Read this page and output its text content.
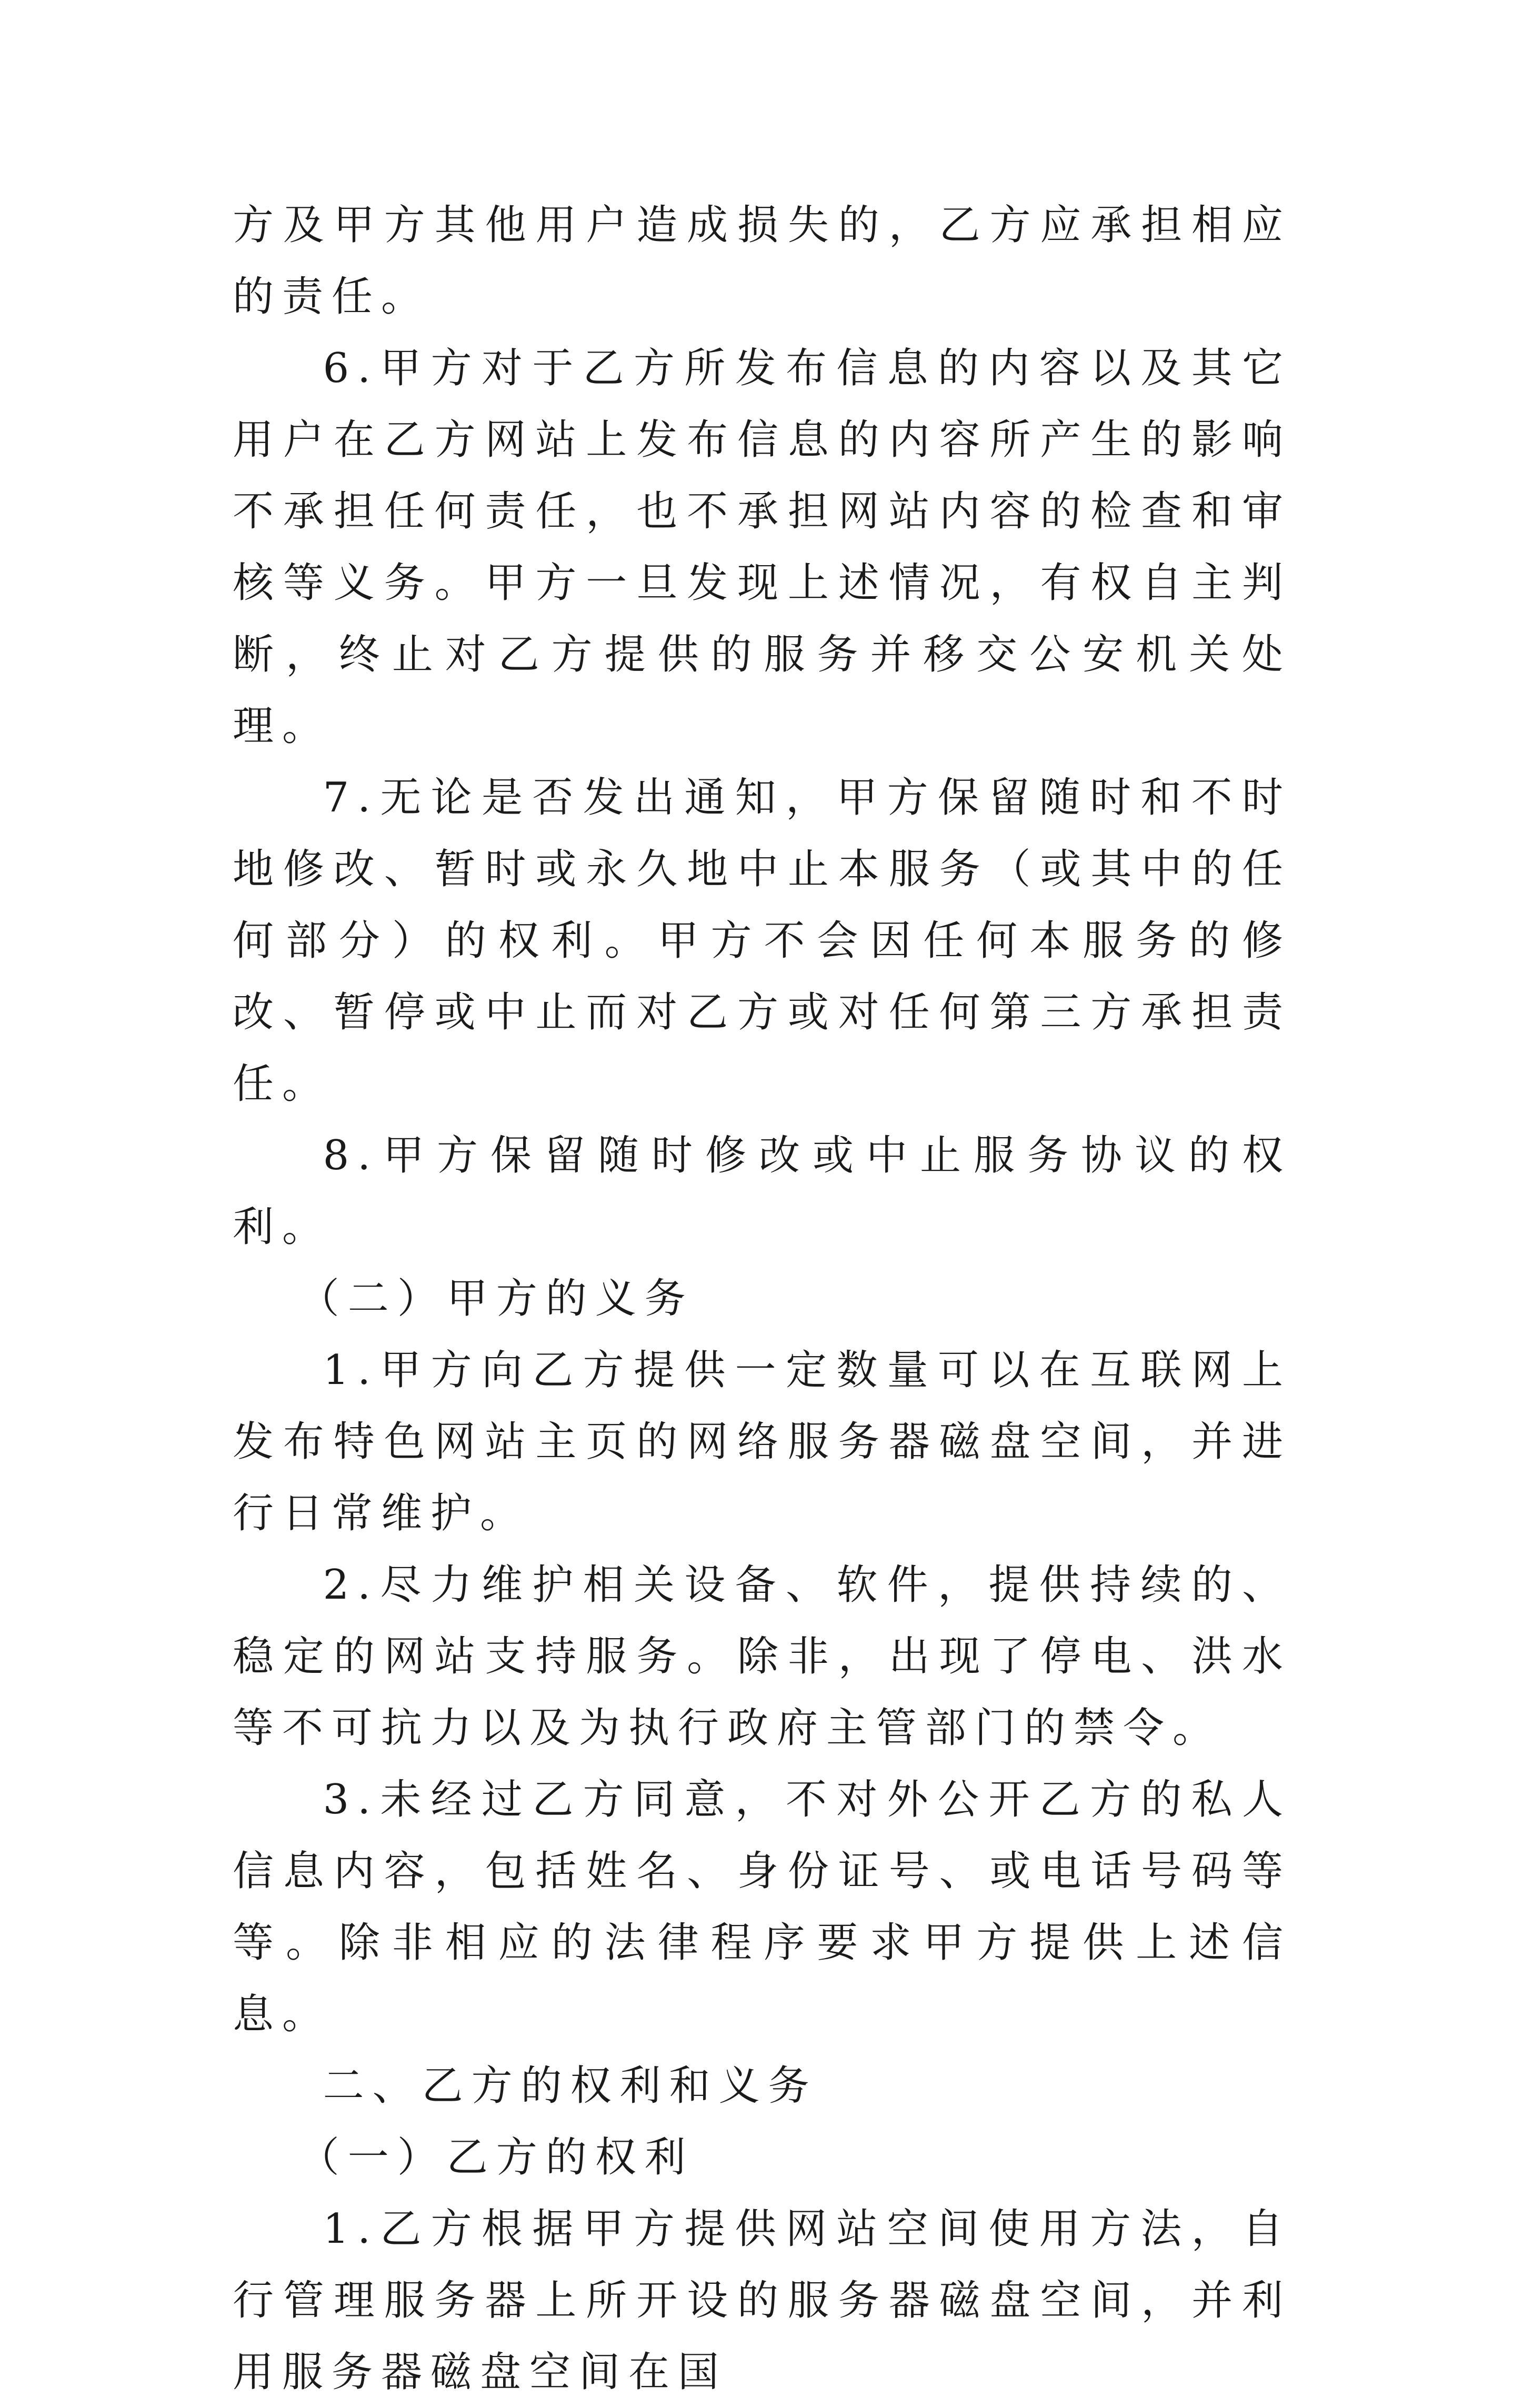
方及甲方其他用户造成损失的，乙方应承担相应的责任。

6.甲方对于乙方所发布信息的内容以及其它用户在乙方网站上发布信息的内容所产生的影响不承担任何责任，也不承担网站内容的检查和审核等义务。甲方一旦发现上述情况，有权自主判断，终止对乙方提供的服务并移交公安机关处理。

7.无论是否发出通知，甲方保留随时和不时地修改、暂时或永久地中止本服务（或其中的任何部分）的权利。甲方不会因任何本服务的修改、暂停或中止而对乙方或对任何第三方承担责任。

8.甲方保留随时修改或中止服务协议的权利。

（二）甲方的义务

1.甲方向乙方提供一定数量可以在互联网上发布特色网站主页的网络服务器磁盘空间，并进行日常维护。

2.尽力维护相关设备、软件，提供持续的、稳定的网站支持服务。除非，出现了停电、洪水等不可抗力以及为执行政府主管部门的禁令。

3.未经过乙方同意，不对外公开乙方的私人信息内容，包括姓名、身份证号、或电话号码等等。除非相应的法律程序要求甲方提供上述信息。

二、乙方的权利和义务

（一）乙方的权利

1.乙方根据甲方提供网站空间使用方法，自行管理服务器上所开设的服务器磁盘空间，并利用服务器磁盘空间在国
